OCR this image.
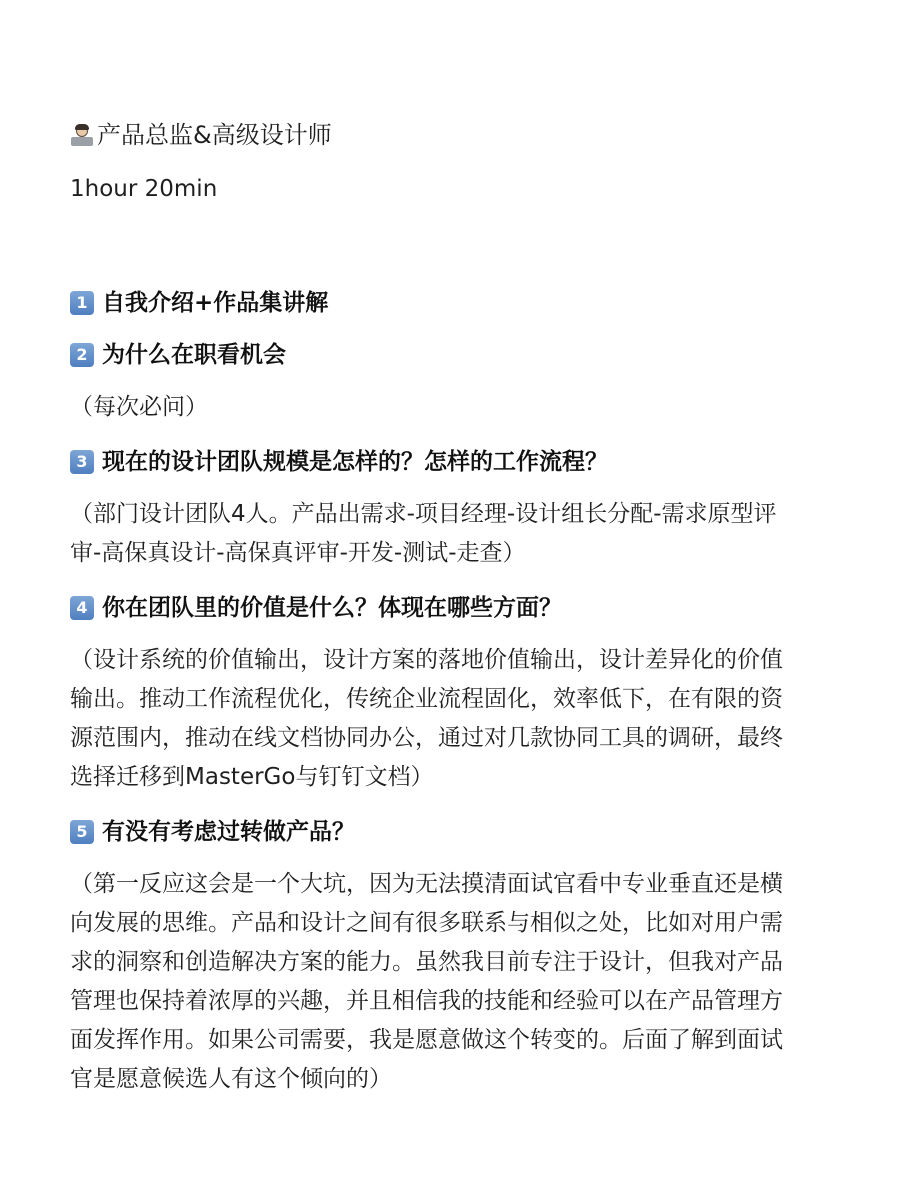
产品总监&高级设计师
1hour 20min
1 自我介绍+作品集讲解
2 为什么在职看机会
（每次必问）
3 现在的设计团队规模是怎样的？怎样的工作流程？
（部门设计团队4人。产品出需求-项目经理-设计组长分配-需求原型评
审-高保真设计-高保真评审-开发-测试-走查）
4 你在团队里的价值是什么？体现在哪些方面？
（设计系统的价值输出，设计方案的落地价值输出，设计差异化的价值
输出。推动工作流程优化，传统企业流程固化，效率低下，在有限的资
源范围内，推动在线文档协同办公，通过对几款协同工具的调研，最终
选择迁移到MasterGo与钉钉文档）
5 有没有考虑过转做产品？
（第一反应这会是一个大坑，因为无法摸清面试官看中专业垂直还是横
向发展的思维。产品和设计之间有很多联系与相似之处，比如对用户需
求的洞察和创造解决方案的能力。虽然我目前专注于设计，但我对产品
管理也保持着浓厚的兴趣，并且相信我的技能和经验可以在产品管理方
面发挥作用。如果公司需要，我是愿意做这个转变的。后面了解到面试
官是愿意候选人有这个倾向的）
